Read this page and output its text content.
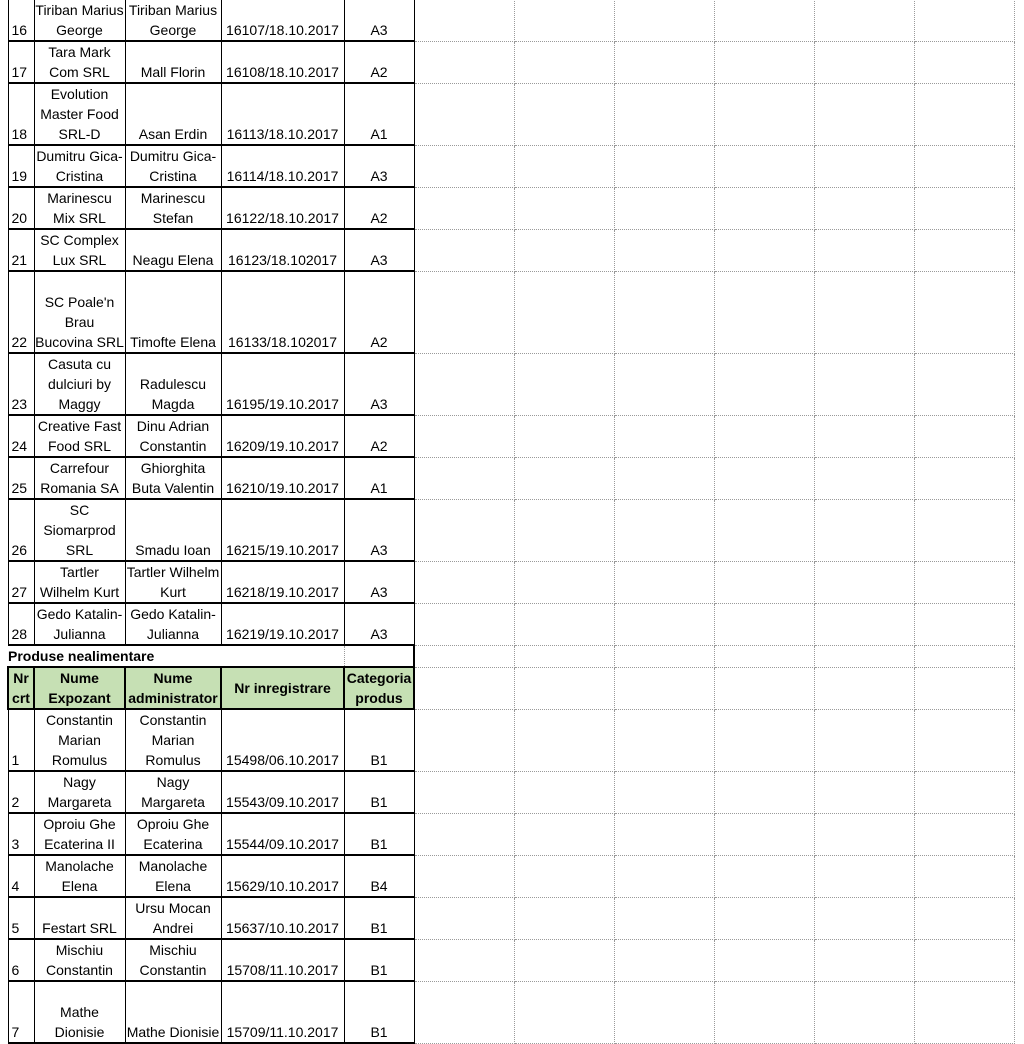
	16	Tiriban Marius George	Tiriban Marius George	16107/18.10.2017	A3						
	17	Tara Mark Com SRL	Mall Florin	16108/18.10.2017	A2						
	18	Evolution Master Food SRL-D	Asan Erdin	16113/18.10.2017	A1						
	19	Dumitru Gica-Cristina	Dumitru Gica-Cristina	16114/18.10.2017	A3						
	20	Marinescu Mix SRL	Marinescu Stefan	16122/18.10.2017	A2						
	21	SC Complex Lux SRL	Neagu Elena	16123/18.102017	A3						
	22	SC Poale'n Brau Bucovina SRL	Timofte Elena	16133/18.102017	A2						
	23	Casuta cu dulciuri by Maggy	Radulescu Magda	16195/19.10.2017	A3						
	24	Creative Fast Food SRL	Dinu Adrian Constantin	16209/19.10.2017	A2						
	25	Carrefour Romania SA	Ghiorghita Buta Valentin	16210/19.10.2017	A1						
	26	SC Siomarprod SRL	Smadu Ioan	16215/19.10.2017	A3						
	27	Tartler Wilhelm Kurt	Tartler Wilhelm Kurt	16218/19.10.2017	A3						
	28	Gedo Katalin-Julianna	Gedo Katalin-Julianna	16219/19.10.2017	A3						
	Produse nealimentare										
	Nr crt	Nume Expozant	Nume administrator	Nr inregistrare	Categoria produs						
	1	Constantin Marian Romulus	Constantin Marian Romulus	15498/06.10.2017	B1						
	2	Nagy Margareta	Nagy Margareta	15543/09.10.2017	B1						
	3	Oproiu Ghe Ecaterina II	Oproiu Ghe Ecaterina	15544/09.10.2017	B1						
	4	Manolache Elena	Manolache Elena	15629/10.10.2017	B4						
	5	Festart SRL	Ursu Mocan Andrei	15637/10.10.2017	B1						
	6	Mischiu Constantin	Mischiu Constantin	15708/11.10.2017	B1						
	7	Mathe Dionisie	Mathe Dionisie	15709/11.10.2017	B1						
